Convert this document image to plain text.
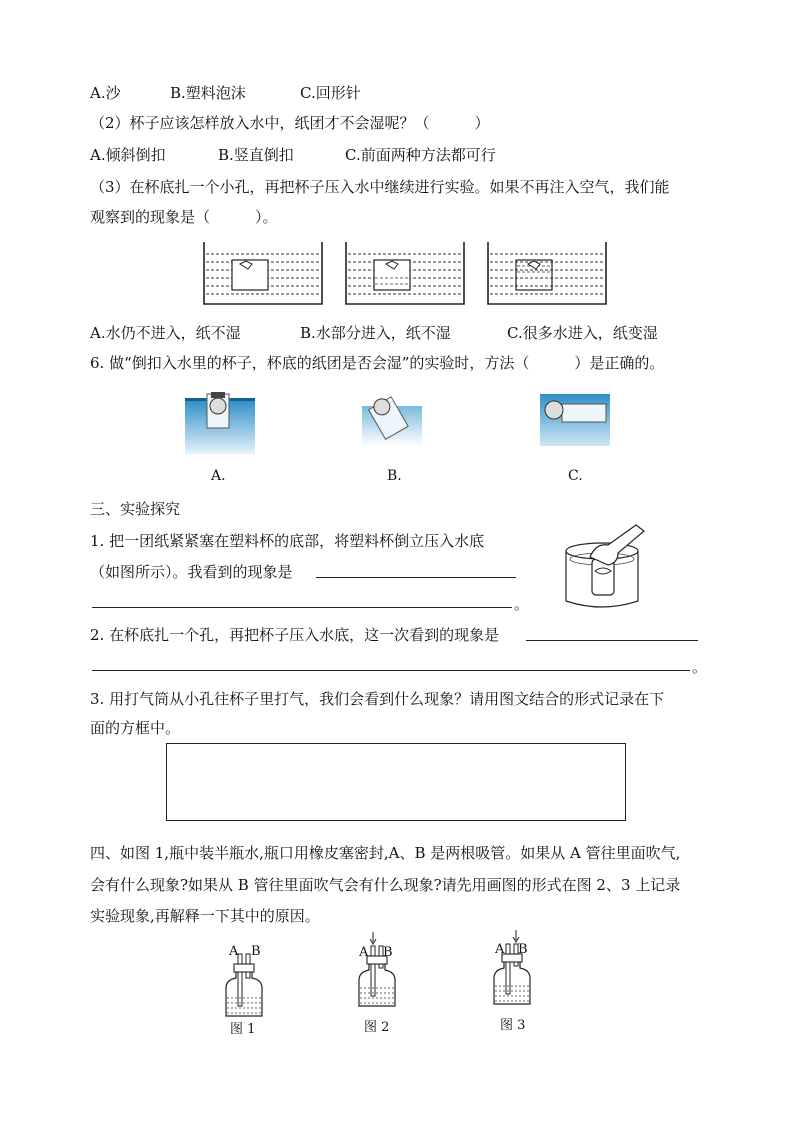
A.沙	B.塑料泡沫	C.回形针
（2）杯子应该怎样放入水中，纸团才不会湿呢？（　　　）
A.倾斜倒扣	B.竖直倒扣	C.前面两种方法都可行
（3）在杯底扎一个小孔，再把杯子压入水中继续进行实验。如果不再注入空气，我们能
观察到的现象是（　　　）。
A.水仍不进入，纸不湿	B.水部分进入，纸不湿	C.很多水进入，纸变湿
6. 做“倒扣入水里的杯子，杯底的纸团是否会湿”的实验时，方法（　　　）是正确的。
A.	B.	C.
三、实验探究
1. 把一团纸紧紧塞在塑料杯的底部，将塑料杯倒立压入水底
（如图所示）。我看到的现象是
。
2. 在杯底扎一个孔，再把杯子压入水底，这一次看到的现象是
。
3. 用打气筒从小孔往杯子里打气，我们会看到什么现象？请用图文结合的形式记录在下
面的方框中。
四、如图 1,瓶中装半瓶水,瓶口用橡皮塞密封,A、B 是两根吸管。如果从 A 管往里面吹气,
会有什么现象?如果从 B 管往里面吹气会有什么现象?请先用画图的形式在图 2、3 上记录
实验现象,再解释一下其中的原因。
A B
图 1
A B
图 2
A B
图 3
